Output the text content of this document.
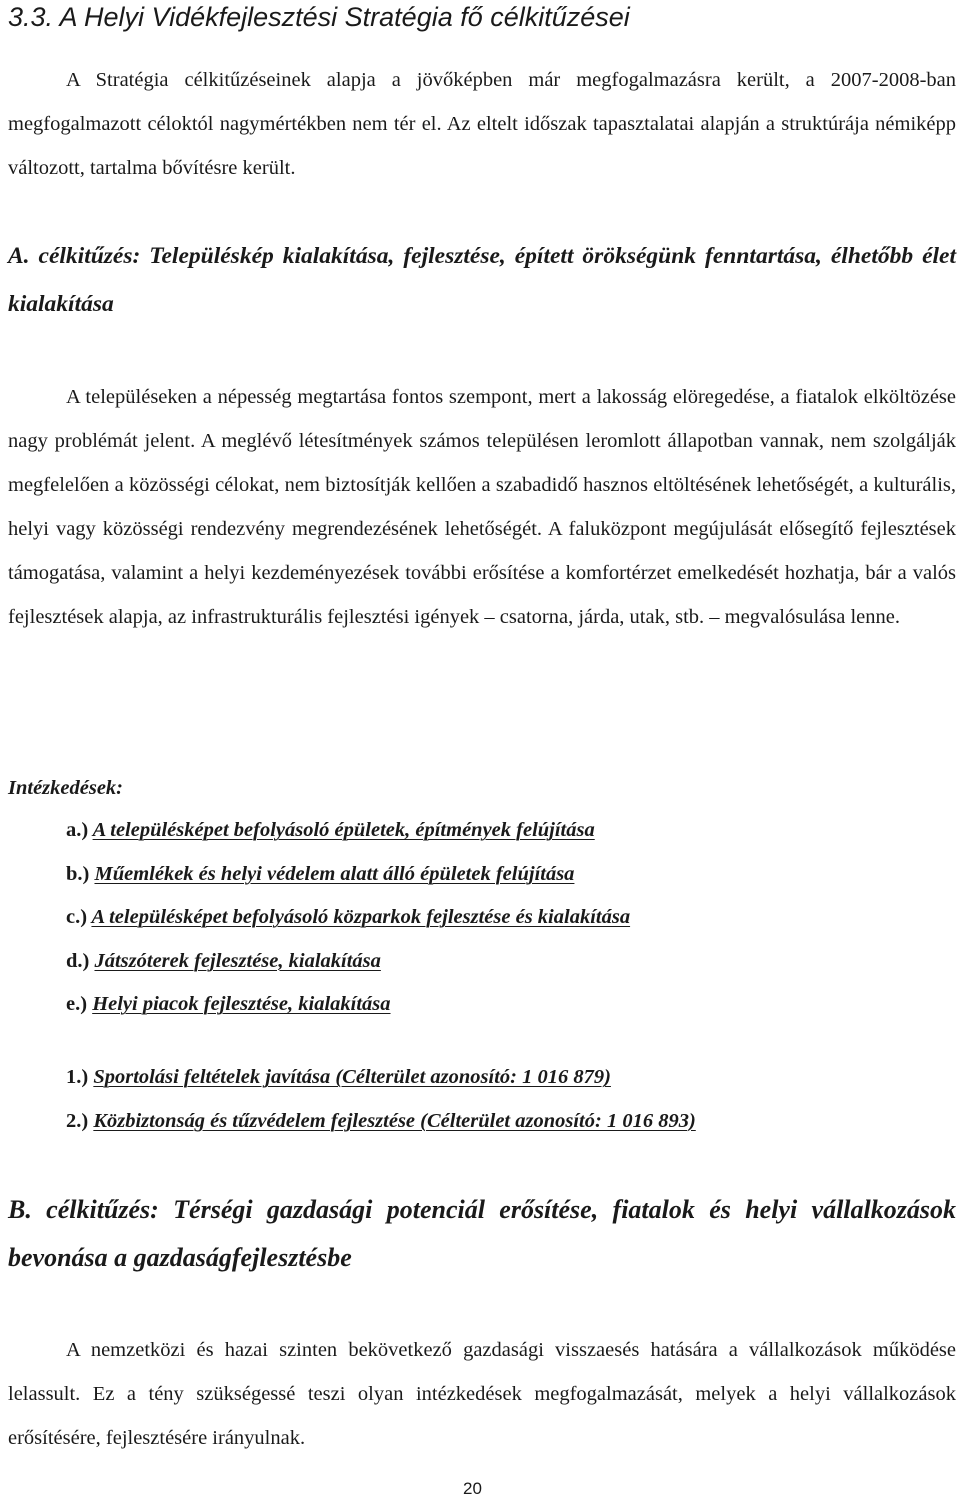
3.3. A Helyi Vidékfejlesztési Stratégia fő célkitűzései

A Stratégia célkitűzéseinek alapja a jövőképben már megfogalmazásra került, a 2007-2008-ban megfogalmazott céloktól nagymértékben nem tér el. Az eltelt időszak tapasztalatai alapján a struktúrája némiképp változott, tartalma bővítésre került.

A. célkitűzés: Településkép kialakítása, fejlesztése, épített örökségünk fenntartása, élhetőbb élet kialakítása

A településeken a népesség megtartása fontos szempont, mert a lakosság elöregedése, a fiatalok elköltözése nagy problémát jelent. A meglévő létesítmények számos településen leromlott állapotban vannak, nem szolgálják megfelelően a közösségi célokat, nem biztosítják kellően a szabadidő hasznos eltöltésének lehetőségét, a kulturális, helyi vagy közösségi rendezvény megrendezésének lehetőségét. A faluközpont megújulását elősegítő fejlesztések támogatása, valamint a helyi kezdeményezések további erősítése a komfortérzet emelkedését hozhatja, bár a valós fejlesztések alapja, az infrastrukturális fejlesztési igények – csatorna, járda, utak, stb. – megvalósulása lenne.

Intézkedések:

a.) A településképet befolyásoló épületek, építmények felújítása
b.) Műemlékek és helyi védelem alatt álló épületek felújítása
c.) A településképet befolyásoló közparkok fejlesztése és kialakítása
d.) Játszóterek fejlesztése, kialakítása
e.) Helyi piacok fejlesztése, kialakítása
1.) Sportolási feltételek javítása (Célterület azonosító: 1 016 879)
2.) Közbiztonság és tűzvédelem fejlesztése (Célterület azonosító: 1 016 893)

B. célkitűzés: Térségi gazdasági potenciál erősítése, fiatalok és helyi vállalkozások bevonása a gazdaságfejlesztésbe

A nemzetközi és hazai szinten bekövetkező gazdasági visszaesés hatására a vállalkozások működése lelassult. Ez a tény szükségessé teszi olyan intézkedések megfogalmazását, melyek a helyi vállalkozások erősítésére, fejlesztésére irányulnak.

20
